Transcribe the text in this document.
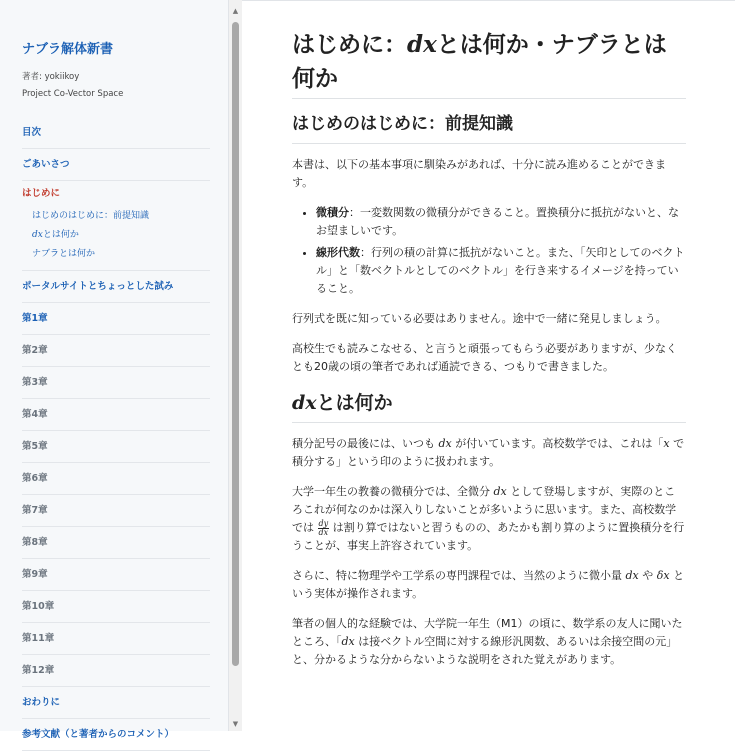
ナブラ解体新書
著者: yokiikoy
Project Co-Vector Space
目次
ごあいさつ
はじめに
はじめのはじめに：前提知識
dxとは何か
ナブラとは何か
ポータルサイトとちょっとした試み
第1章
第2章
第3章
第4章
第5章
第6章
第7章
第8章
第9章
第10章
第11章
第12章
おわりに
参考文献（と著者からのコメント）
▲
▼
はじめに：dxとは何か・ナブラとは何か
はじめのはじめに：前提知識

本書は、以下の基本事項に馴染みがあれば、十分に読み進めることができます。

• 微積分：一変数関数の微積分ができること。置換積分に抵抗がないと、なお望ましいです。
• 線形代数：行列の積の計算に抵抗がないこと。また、「矢印としてのベクトル」と「数ベクトルとしてのベクトル」を行き来するイメージを持っていること。

行列式を既に知っている必要はありません。途中で一緒に発見しましょう。

高校生でも読みこなせる、と言うと頑張ってもらう必要がありますが、少なくとも20歳の頃の筆者であれば通読できる、つもりで書きました。

dxとは何か

積分記号の最後には、いつも dx が付いています。高校数学では、これは「x で積分する」という印のように扱われます。

大学一年生の教養の微積分では、全微分 dx として登場しますが、実際のところこれが何なのかは深入りしないことが多いように思います。また、高校数学では $\frac{dy}{dx}$ は割り算ではないと習うものの、あたかも割り算のように置換積分を行うことが、事実上許容されています。

さらに、特に物理学や工学系の専門課程では、当然のように微小量 dx や δx という実体が操作されます。

筆者の個人的な経験では、大学院一年生（M1）の頃に、数学系の友人に聞いたところ、「dx は接ベクトル空間に対する線形汎関数、あるいは余接空間の元」と、分かるような分からないような説明をされた覚えがあります。
